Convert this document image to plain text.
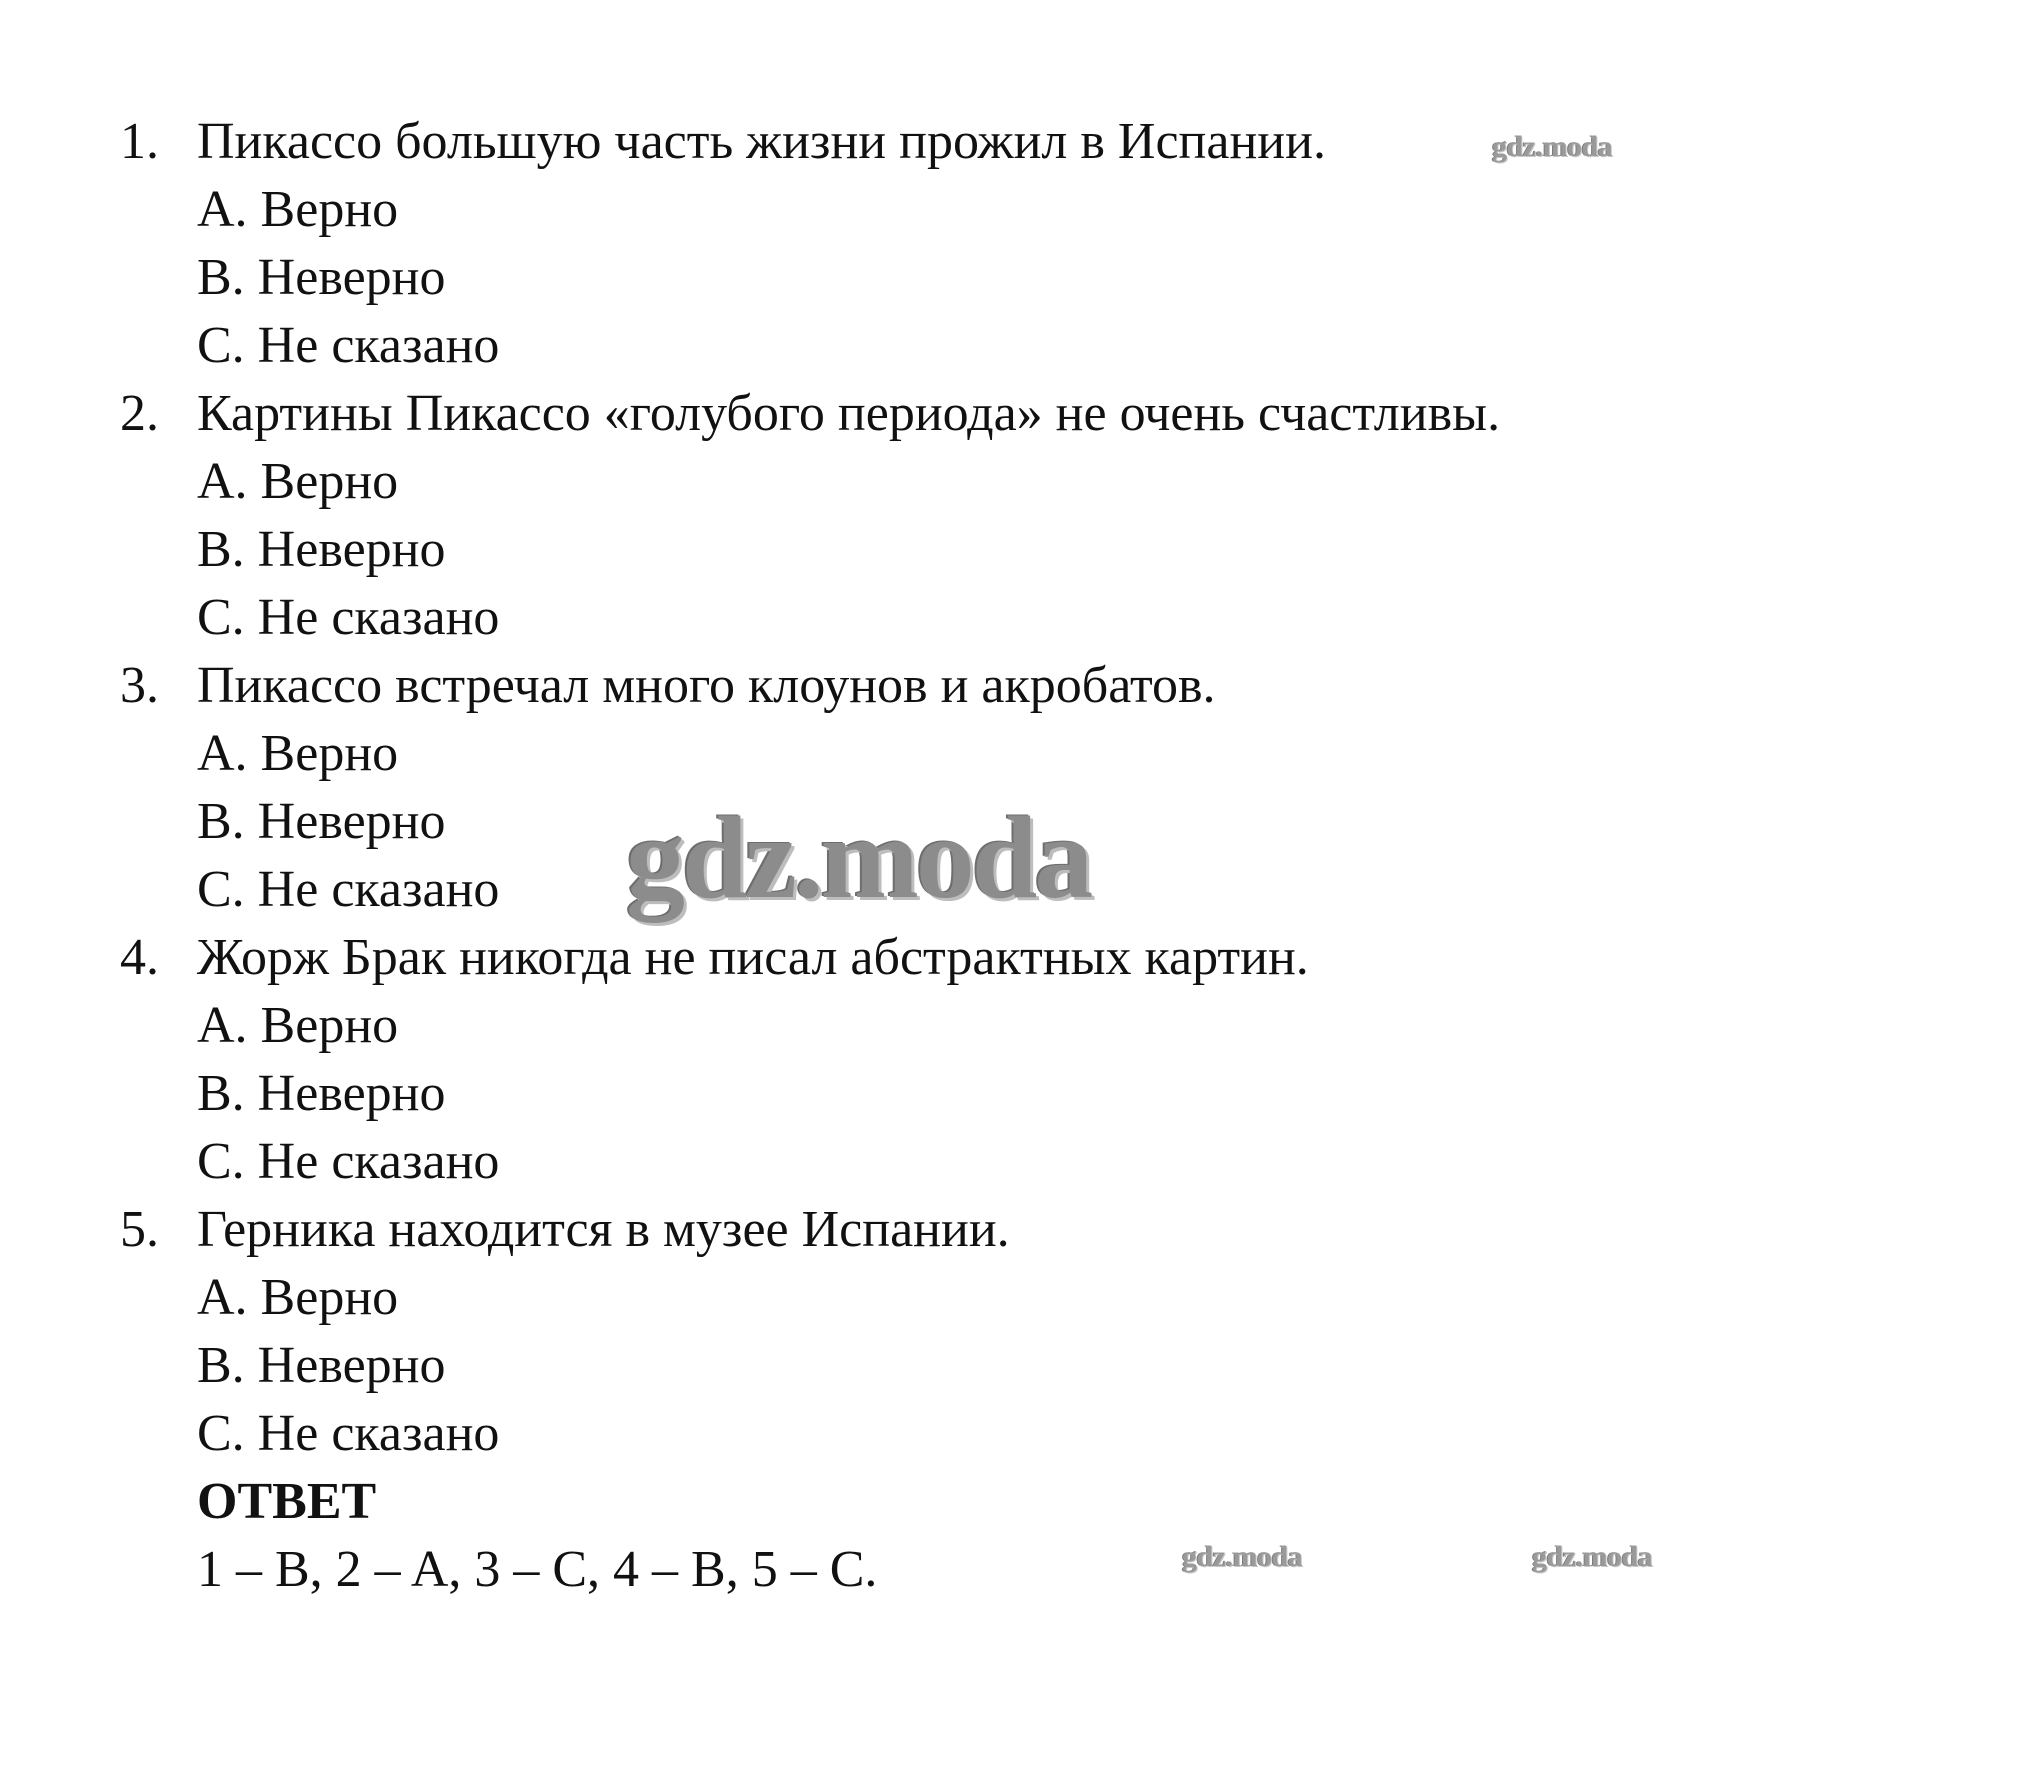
1. Пикассо большую часть жизни прожил в Испании.
A. Верно
B. Неверно
C. Не сказано
2. Картины Пикассо «голубого периода» не очень счастливы.
A. Верно
B. Неверно
C. Не сказано
3. Пикассо встречал много клоунов и акробатов.
A. Верно
B. Неверно
C. Не сказано
4. Жорж Брак никогда не писал абстрактных картин.
A. Верно
B. Неверно
C. Не сказано
5. Герника находится в музее Испании.
A. Верно
B. Неверно
C. Не сказано
ОТВЕТ
1 – B, 2 – A, 3 – C, 4 – B, 5 – C.
gdz.moda
gdz.moda
gdz.moda	gdz.moda
